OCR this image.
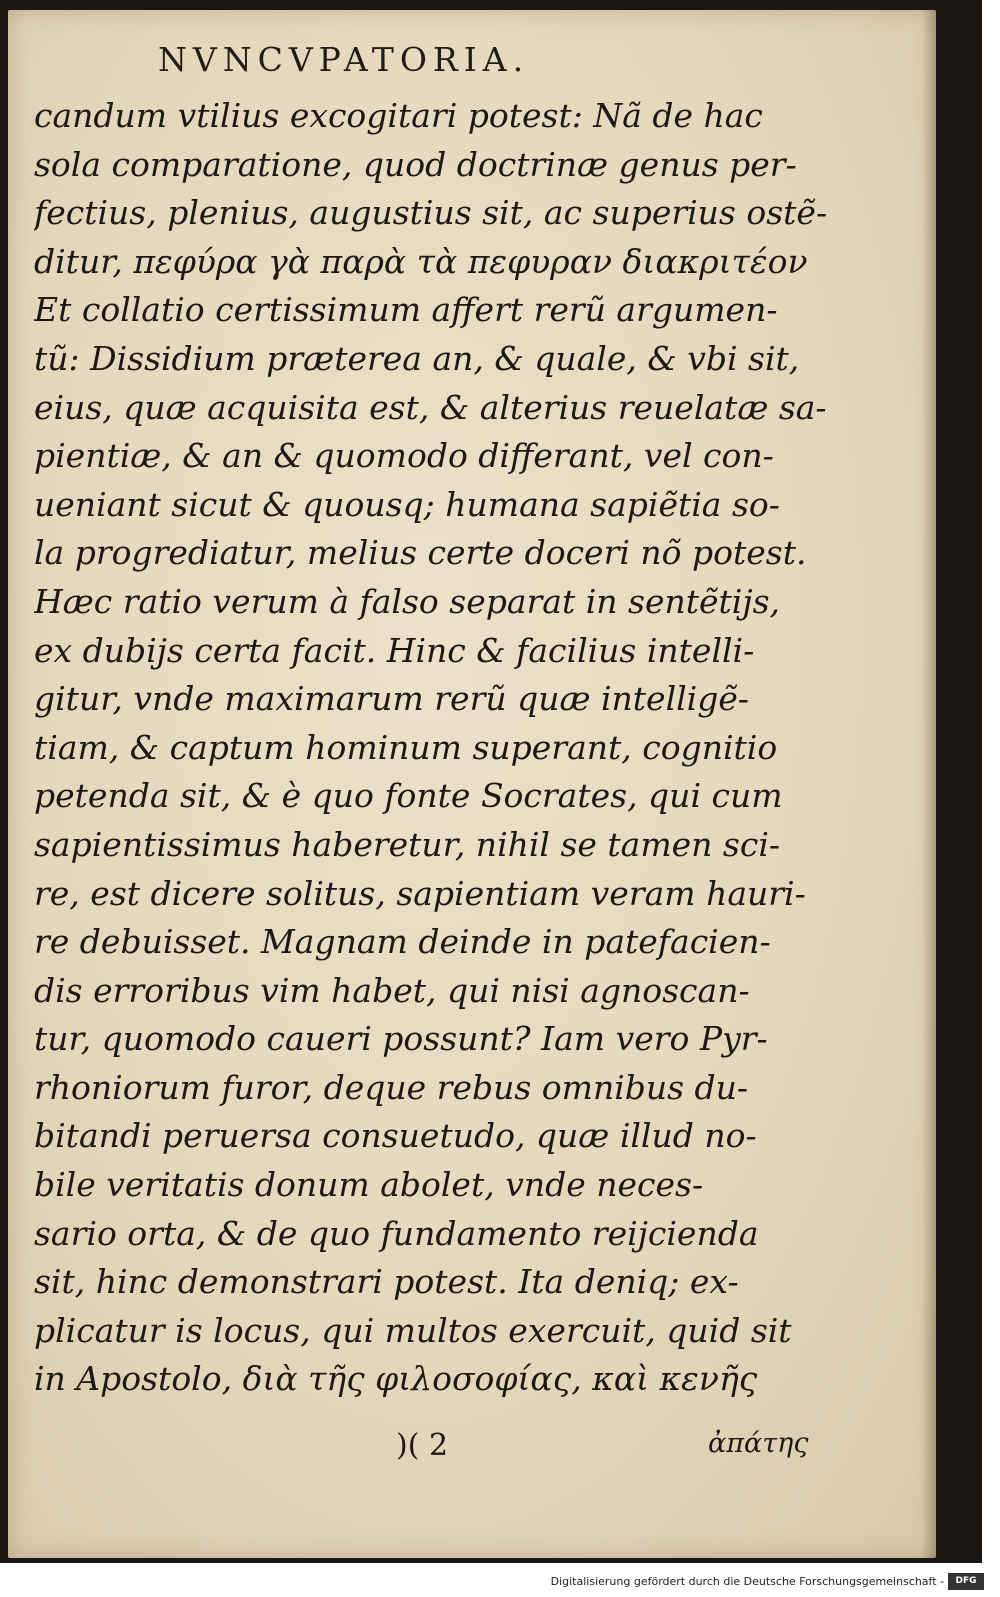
NVNCVPATORIA.
candum vtilius excogitari potest: Nã de hac
sola comparatione, quod doctrinæ genus per-
fectius, plenius, augustius sit, ac superius ostẽ-
ditur, πεφύρα γὰ παρὰ τὰ πεφυραν διακριτέον
Et collatio certissimum affert rerũ argumen-
tũ: Dissidium præterea an, & quale, & vbi sit,
eius, quæ acquisita est, & alterius reuelatæ sa-
pientiæ, & an & quomodo differant, vel con-
ueniant sicut & quousq; humana sapiẽtia so-
la progrediatur, melius certe doceri nõ potest.
Hæc ratio verum à falso separat in sentẽtijs,
ex dubijs certa facit. Hinc & facilius intelli-
gitur, vnde maximarum rerũ quæ intelligẽ-
tiam, & captum hominum superant, cognitio
petenda sit, & è quo fonte Socrates, qui cum
sapientissimus haberetur, nihil se tamen sci-
re, est dicere solitus, sapientiam veram hauri-
re debuisset. Magnam deinde in patefacien-
dis erroribus vim habet, qui nisi agnoscan-
tur, quomodo caueri possunt? Iam vero Pyr-
rhoniorum furor, deque rebus omnibus du-
bitandi peruersa consuetudo, quæ illud no-
bile veritatis donum abolet, vnde neces-
sario orta, & de quo fundamento reijcienda
sit, hinc demonstrari potest. Ita deniq; ex-
plicatur is locus, qui multos exercuit, quid sit
in Apostolo, διὰ τῆς φιλοσοφίας, καὶ κενῆς
)( 2	ἀπάτης
Digitalisierung gefördert durch die Deutsche Forschungsgemeinschaft -	DFG
